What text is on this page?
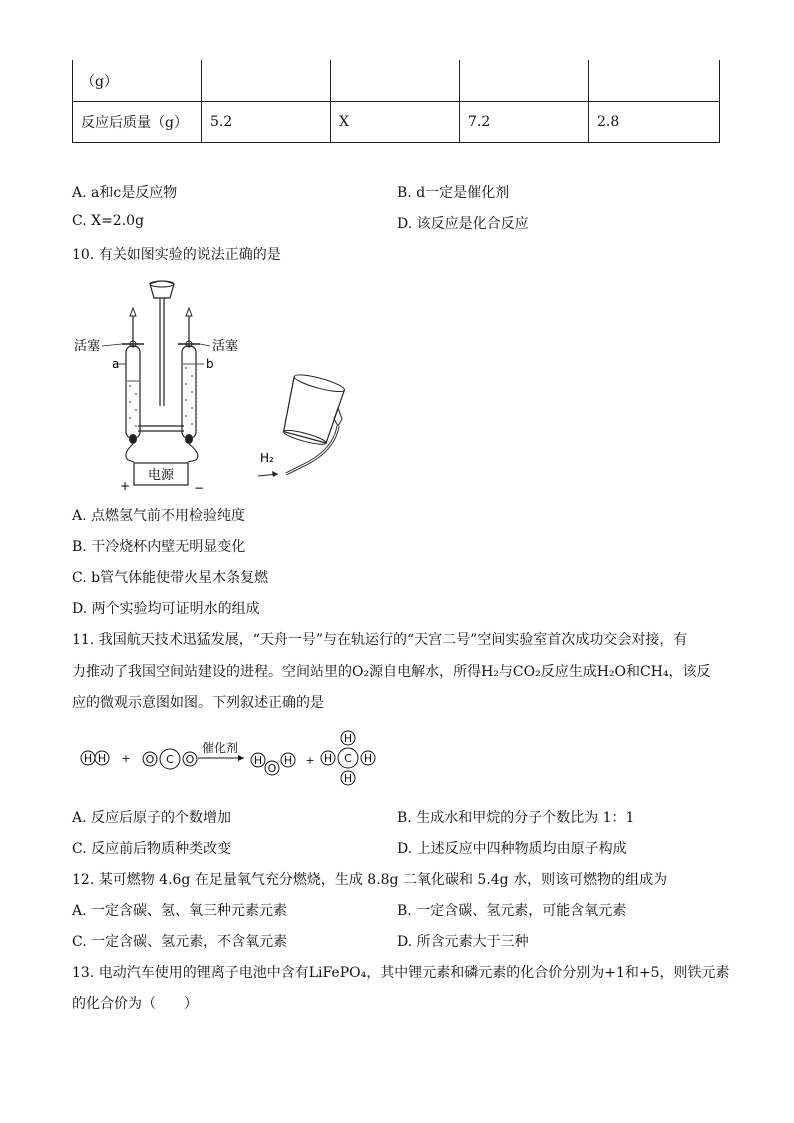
（g）				
反应后质量（g）	5.2	X	7.2	2.8
A. a和c是反应物	B. d一定是催化剂
C. X=2.0g	D. 该反应是化合反应
10. 有关如图实验的说法正确的是
电源
+	−
活塞	活塞
a	b
H₂
A. 点燃氢气前不用检验纯度
B. 干冷烧杯内壁无明显变化
C. b管气体能使带火星木条复燃
D. 两个实验均可证明水的组成
11. 我国航天技术迅猛发展，“天舟一号”与在轨运行的“天宫二号”空间实验室首次成功交会对接，有
力推动了我国空间站建设的进程。空间站里的O₂源自电解水，所得H₂与CO₂反应生成H₂O和CH₄，该反
应的微观示意图如图。下列叙述正确的是
H H + O C O
催化剂
H
O
H +	C
H
H
H	H
A. 反应后原子的个数增加	B. 生成水和甲烷的分子个数比为 1：1
C. 反应前后物质种类改变	D. 上述反应中四种物质均由原子构成
12. 某可燃物 4.6g 在足量氧气充分燃烧，生成 8.8g 二氧化碳和 5.4g 水，则该可燃物的组成为
A. 一定含碳、氢、氧三种元素元素	B. 一定含碳、氢元素，可能含氧元素
C. 一定含碳、氢元素，不含氧元素	D. 所含元素大于三种
13. 电动汽车使用的锂离子电池中含有LiFePO₄，其中锂元素和磷元素的化合价分别为+1和+5，则铁元素
的化合价为（　　）
